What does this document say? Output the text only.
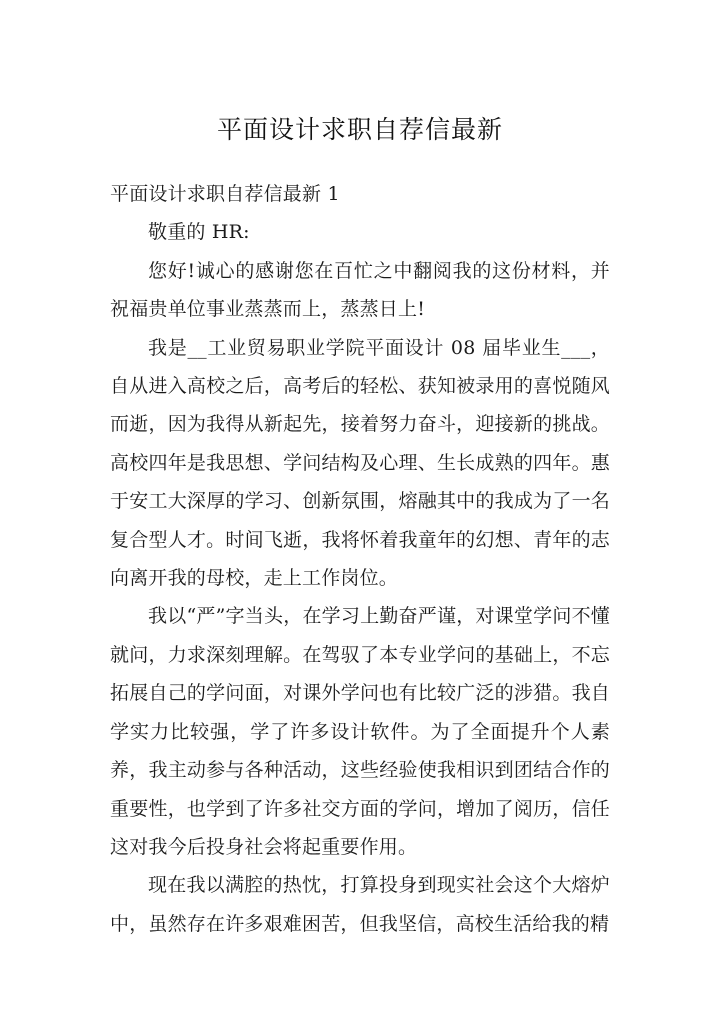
平面设计求职自荐信最新

平面设计求职自荐信最新 1

敬重的 HR:

您好!诚心的感谢您在百忙之中翻阅我的这份材料，并祝福贵单位事业蒸蒸而上，蒸蒸日上!

我是__工业贸易职业学院平面设计 08 届毕业生___，自从进入高校之后，高考后的轻松、获知被录用的喜悦随风而逝，因为我得从新起先，接着努力奋斗，迎接新的挑战。高校四年是我思想、学问结构及心理、生长成熟的四年。惠于安工大深厚的学习、创新氛围，熔融其中的我成为了一名复合型人才。时间飞逝，我将怀着我童年的幻想、青年的志向离开我的母校，走上工作岗位。

我以“严”字当头，在学习上勤奋严谨，对课堂学问不懂就问，力求深刻理解。在驾驭了本专业学问的基础上，不忘拓展自己的学问面，对课外学问也有比较广泛的涉猎。我自学实力比较强，学了许多设计软件。为了全面提升个人素养，我主动参与各种活动，这些经验使我相识到团结合作的重要性，也学到了许多社交方面的学问，增加了阅历，信任这对我今后投身社会将起重要作用。

现在我以满腔的热忱，打算投身到现实社会这个大熔炉中，虽然存在许多艰难困苦，但我坚信，高校生活给我的精
